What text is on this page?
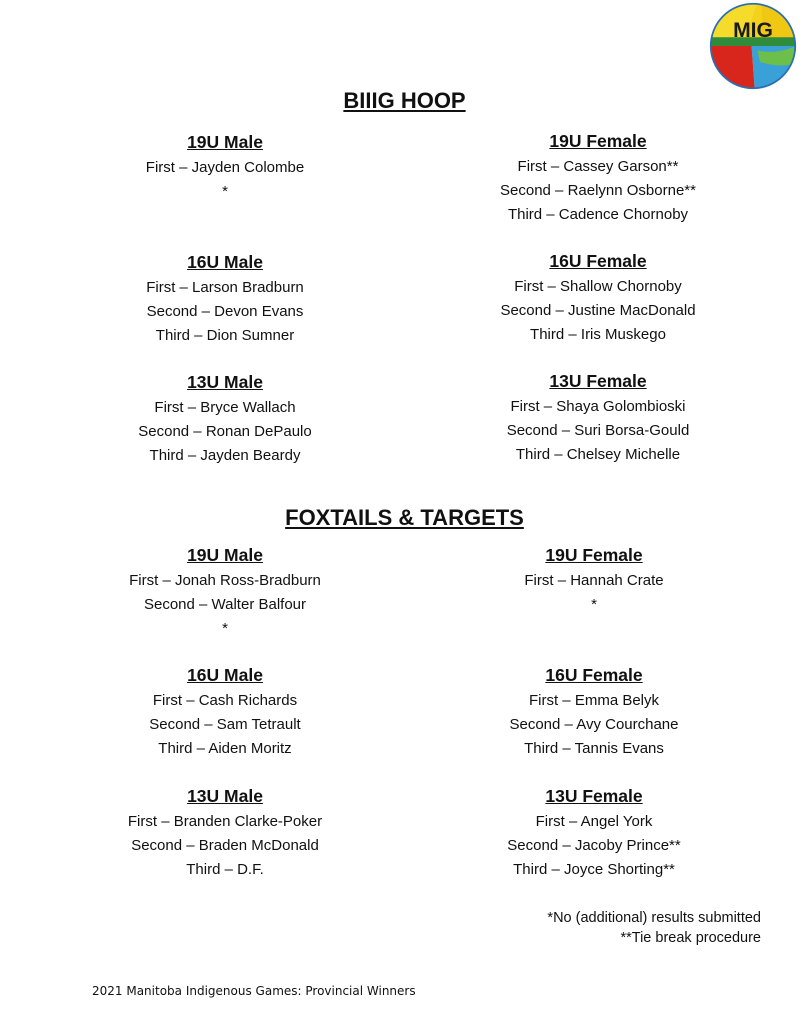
MIG
BIIIG HOOP
19U Male
First – Jayden Colombe
*
19U Female
First – Cassey Garson**
Second – Raelynn Osborne**
Third – Cadence Chornoby
16U Male
First – Larson Bradburn
Second – Devon Evans
Third – Dion Sumner
16U Female
First – Shallow Chornoby
Second – Justine MacDonald
Third – Iris Muskego
13U Male
First – Bryce Wallach
Second – Ronan DePaulo
Third – Jayden Beardy
13U Female
First – Shaya Golombioski
Second – Suri Borsa-Gould
Third – Chelsey Michelle
FOXTAILS & TARGETS
19U Male
First – Jonah Ross-Bradburn
Second – Walter Balfour
*
19U Female
First – Hannah Crate
*
16U Male
First – Cash Richards
Second – Sam Tetrault
Third – Aiden Moritz
16U Female
First – Emma Belyk
Second – Avy Courchane
Third – Tannis Evans
13U Male
First – Branden Clarke-Poker
Second – Braden McDonald
Third – D.F.
13U Female
First – Angel York
Second – Jacoby Prince**
Third – Joyce Shorting**
*No (additional) results submitted
**Tie break procedure
2021 Manitoba Indigenous Games: Provincial Winners
